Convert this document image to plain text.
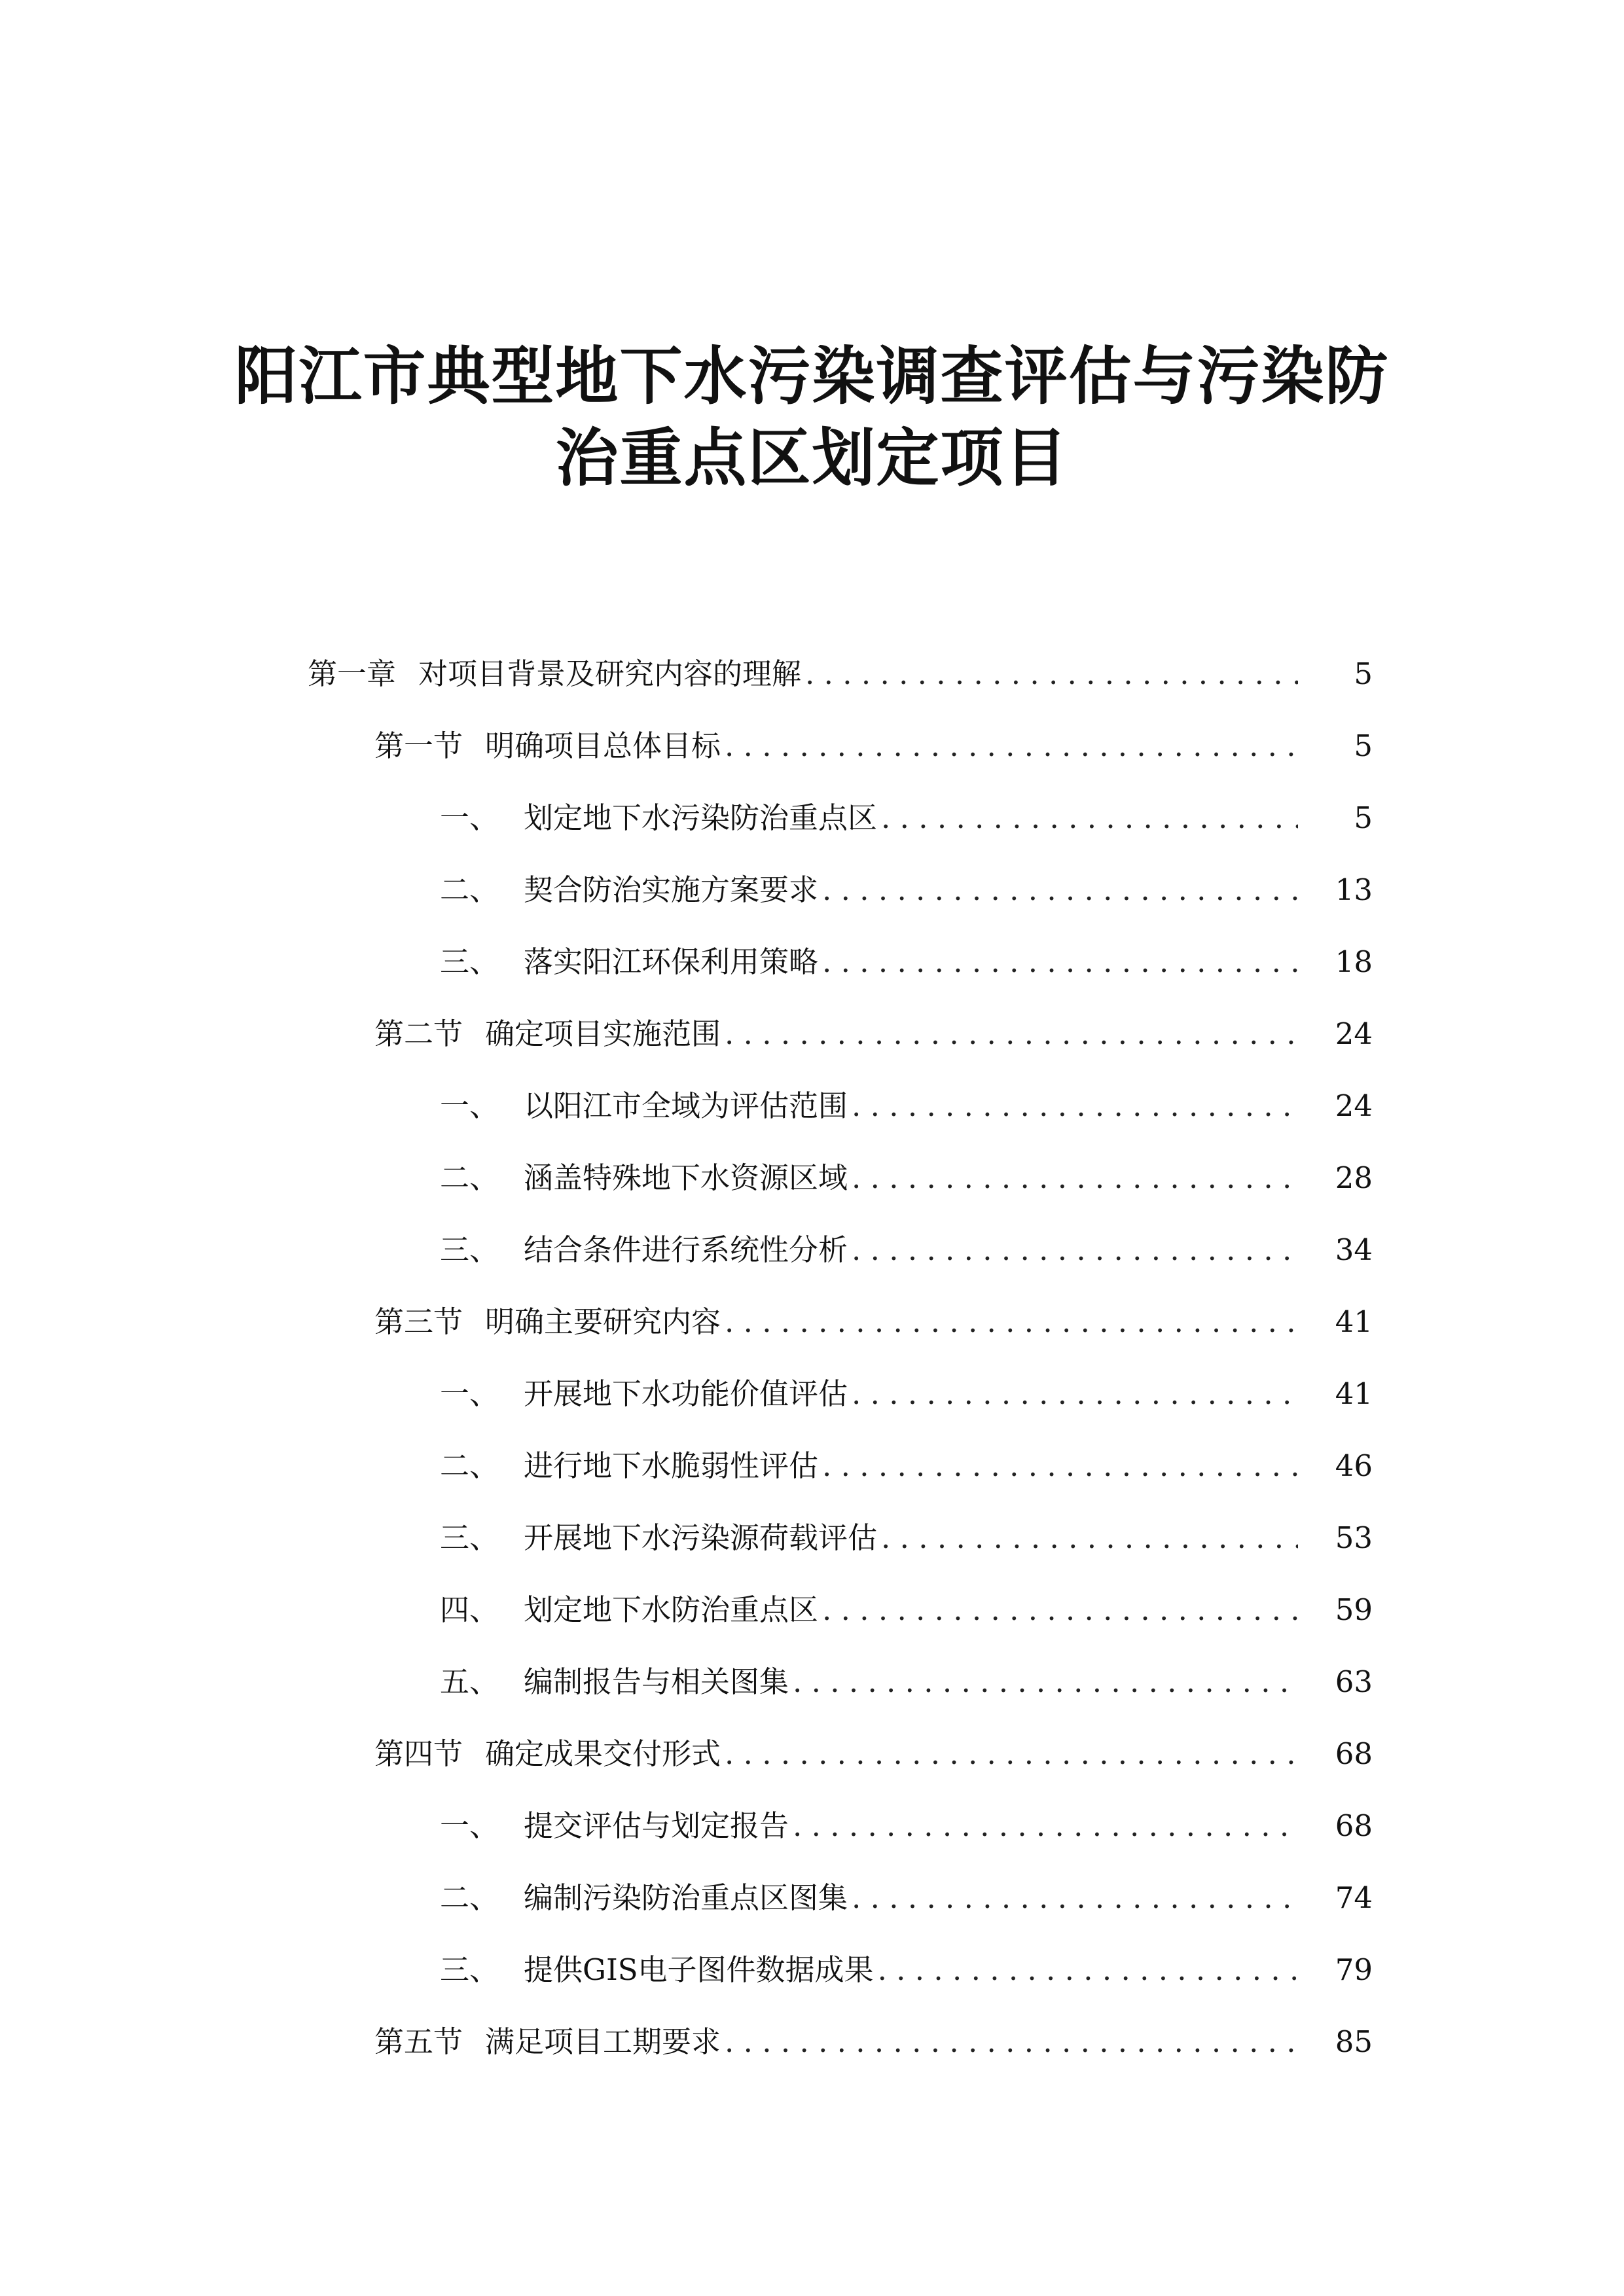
阳江市典型地下水污染调查评估与污染防
治重点区划定项目
第一章 对项目背景及研究内容的理解 . . .	5
第一节 明确项目总体目标 . . .	5
一、 划定地下水污染防治重点区 . . .	5
二、 契合防治实施方案要求 . . .	13
三、 落实阳江环保利用策略 . . .	18
第二节 确定项目实施范围 . . .	24
一、 以阳江市全域为评估范围 . . .	24
二、 涵盖特殊地下水资源区域 . . .	28
三、 结合条件进行系统性分析 . . .	34
第三节 明确主要研究内容 . . .	41
一、 开展地下水功能价值评估 . . .	41
二、 进行地下水脆弱性评估 . . .	46
三、 开展地下水污染源荷载评估 . . .	53
四、 划定地下水防治重点区 . . .	59
五、 编制报告与相关图集 . . .	63
第四节 确定成果交付形式 . . .	68
一、 提交评估与划定报告 . . .	68
二、 编制污染防治重点区图集 . . .	74
三、 提供GIS电子图件数据成果 . . .	79
第五节 满足项目工期要求 . . .	85
